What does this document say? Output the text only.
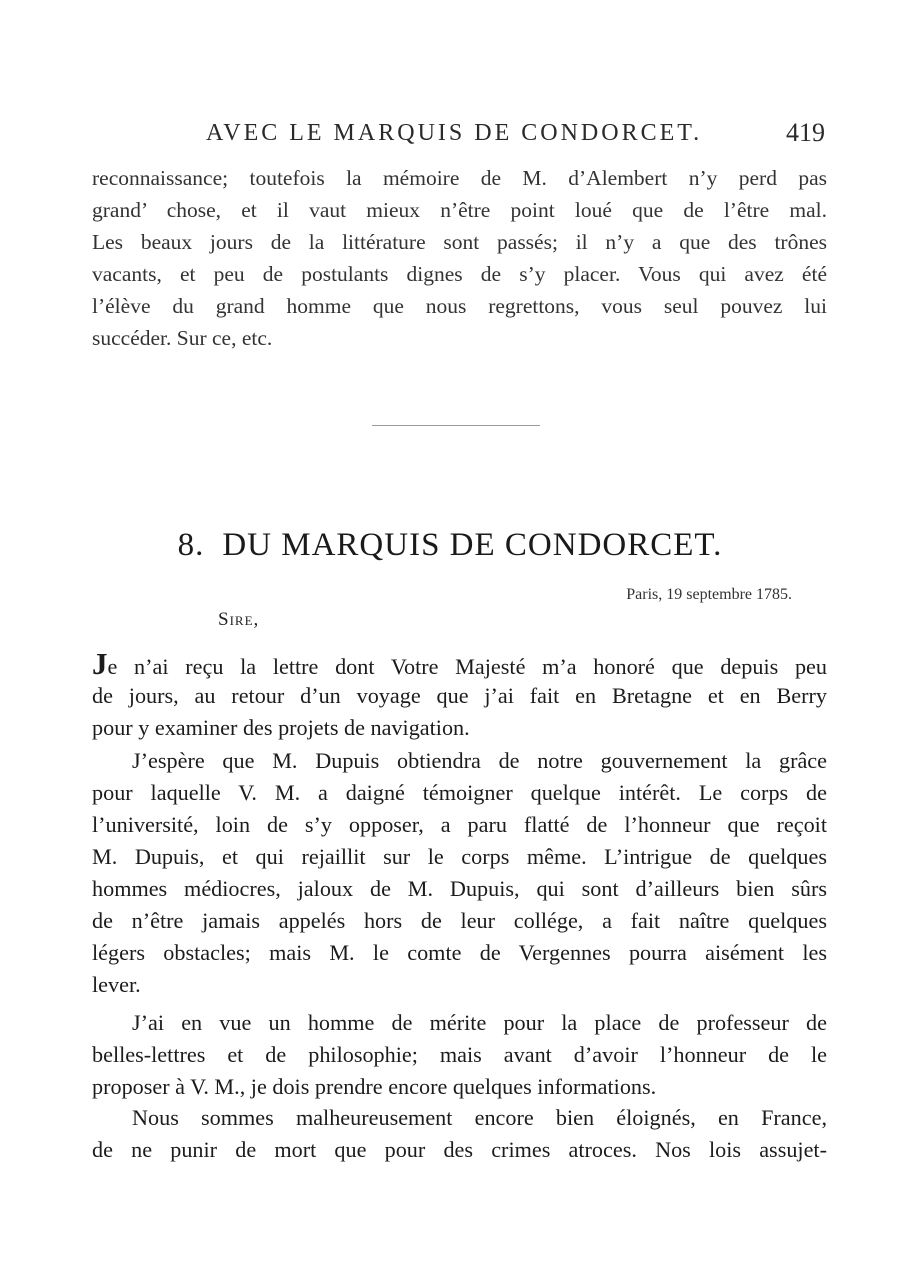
AVEC LE MARQUIS DE CONDORCET.	419
reconnaissance; toutefois la mémoire de M. d’Alembert n’y perd pas
grand’ chose, et il vaut mieux n’être point loué que de l’être mal.
Les beaux jours de la littérature sont passés; il n’y a que des trônes
vacants, et peu de postulants dignes de s’y placer. Vous qui avez été
l’élève du grand homme que nous regrettons, vous seul pouvez lui
succéder. Sur ce, etc.
8. DU MARQUIS DE CONDORCET.
Paris, 19 septembre 1785.
Sire,
Je n’ai reçu la lettre dont Votre Majesté m’a honoré que depuis peu
de jours, au retour d’un voyage que j’ai fait en Bretagne et en Berry
pour y examiner des projets de navigation.
J’espère que M. Dupuis obtiendra de notre gouvernement la grâce
pour laquelle V. M. a daigné témoigner quelque intérêt. Le corps de
l’université, loin de s’y opposer, a paru flatté de l’honneur que reçoit
M. Dupuis, et qui rejaillit sur le corps même. L’intrigue de quelques
hommes médiocres, jaloux de M. Dupuis, qui sont d’ailleurs bien sûrs
de n’être jamais appelés hors de leur collége, a fait naître quelques
légers obstacles; mais M. le comte de Vergennes pourra aisément les
lever.
J’ai en vue un homme de mérite pour la place de professeur de
belles-lettres et de philosophie; mais avant d’avoir l’honneur de le
proposer à V. M., je dois prendre encore quelques informations.
Nous sommes malheureusement encore bien éloignés, en France,
de ne punir de mort que pour des crimes atroces. Nos lois assujet-
